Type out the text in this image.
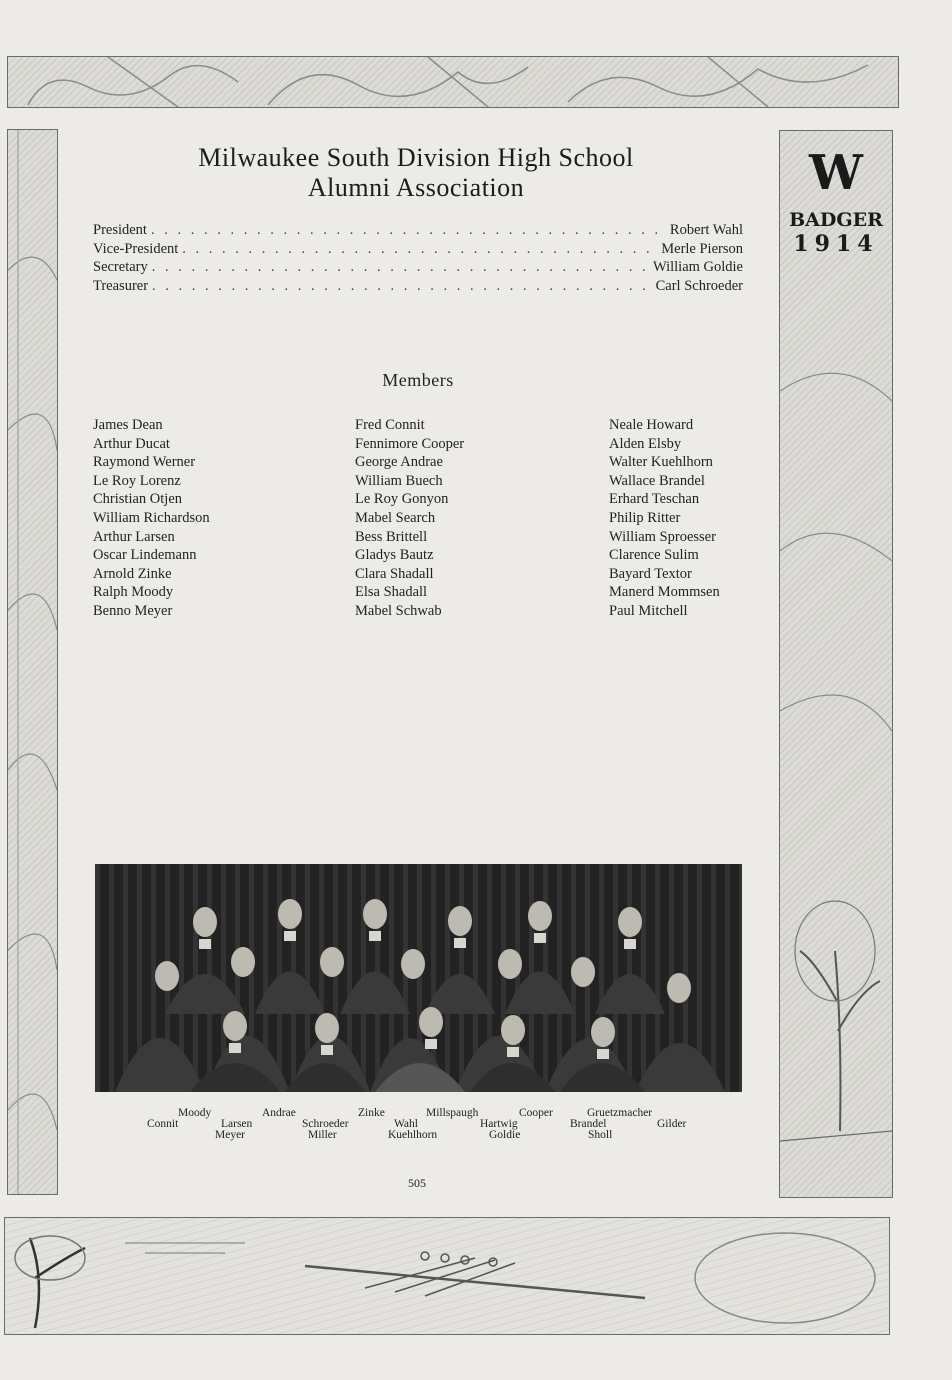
W
BADGER
1914
Milwaukee South Division High School
Alumni Association
President . . .	Robert Wahl
Vice-President . . .	Merle Pierson
Secretary . . .	William Goldie
Treasurer . . .	Carl Schroeder
Members
James Dean
Arthur Ducat
Raymond Werner
Le Roy Lorenz
Christian Otjen
William Richardson
Arthur Larsen
Oscar Lindemann
Arnold Zinke
Ralph Moody
Benno Meyer
Fred Connit
Fennimore Cooper
George Andrae
William Buech
Le Roy Gonyon
Mabel Search
Bess Brittell
Gladys Bautz
Clara Shadall
Elsa Shadall
Mabel Schwab
Neale Howard
Alden Elsby
Walter Kuehlhorn
Wallace Brandel
Erhard Teschan
Philip Ritter
William Sproesser
Clarence Sulim
Bayard Textor
Manerd Mommsen
Paul Mitchell
Moody	Andrae	Zinke	Millspaugh	Cooper	Gruetzmacher
Connit	Larsen	Schroeder	Wahl	Hartwig	Brandel	Gilder
Meyer	Miller	Kuehlhorn	Goldie	Sholl
505
